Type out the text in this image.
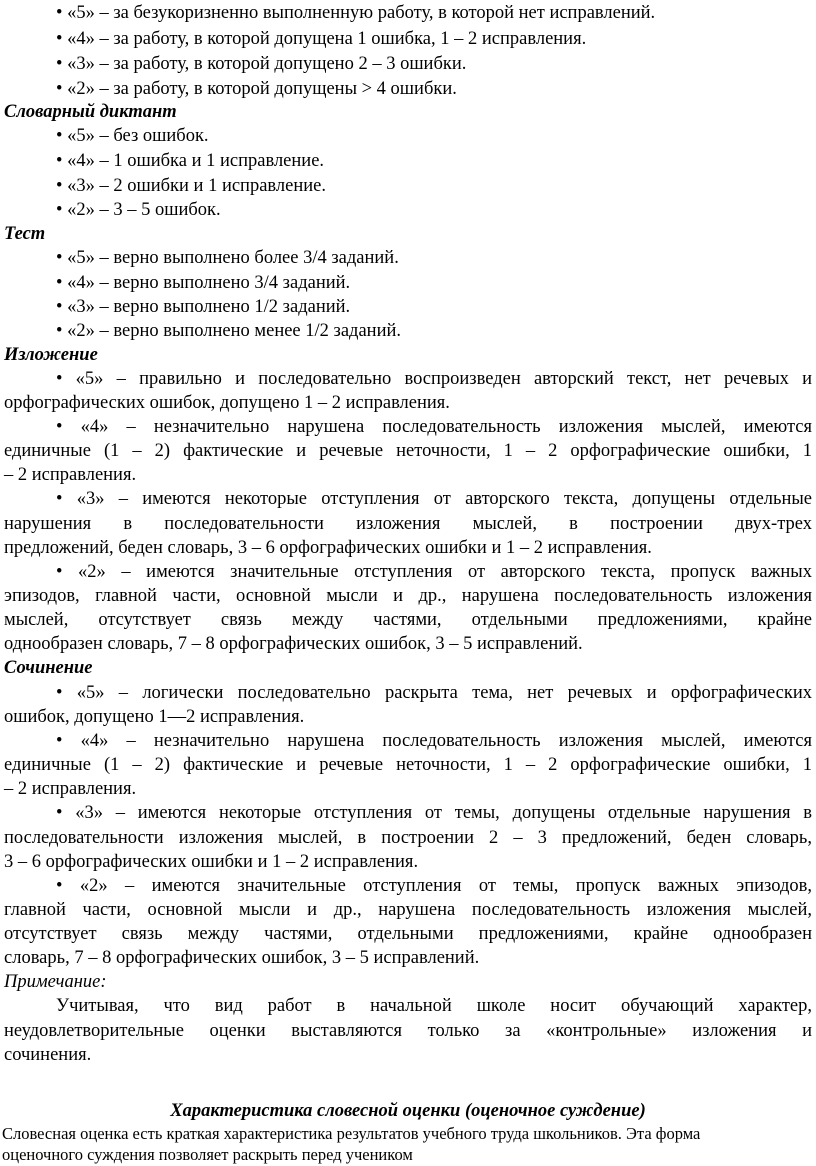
• «5» – за безукоризненно выполненную работу, в которой нет исправлений.
• «4» – за работу, в которой допущена 1 ошибка, 1 – 2 исправления.
• «3» – за работу, в которой допущено 2 – 3 ошибки.
• «2» – за работу, в которой допущены > 4 ошибки.
Словарный диктант
• «5» – без ошибок.
• «4» – 1 ошибка и 1 исправление.
• «3» – 2 ошибки и 1 исправление.
• «2» – 3 – 5 ошибок.
Тест
• «5» – верно выполнено более 3/4 заданий.
• «4» – верно выполнено 3/4 заданий.
• «3» – верно выполнено 1/2 заданий.
• «2» – верно выполнено менее 1/2 заданий.
Изложение
• «5» – правильно и последовательно воспроизведен авторский текст, нет речевых и
орфографических ошибок, допущено 1 – 2 исправления.
• «4» – незначительно нарушена последовательность изложения мыслей, имеются
единичные (1 – 2) фактические и речевые неточности, 1 – 2 орфографические ошибки, 1
– 2 исправления.
• «3» – имеются некоторые отступления от авторского текста, допущены отдельные
нарушения в последовательности изложения мыслей, в построении двух-трех
предложений, беден словарь, 3 – 6 орфографических ошибки и 1 – 2 исправления.
• «2» – имеются значительные отступления от авторского текста, пропуск важных
эпизодов, главной части, основной мысли и др., нарушена последовательность изложения
мыслей, отсутствует связь между частями, отдельными предложениями, крайне
однообразен словарь, 7 – 8 орфографических ошибок, 3 – 5 исправлений.
Сочинение
• «5» – логически последовательно раскрыта тема, нет речевых и орфографических
ошибок, допущено 1—2 исправления.
• «4» – незначительно нарушена последовательность изложения мыслей, имеются
единичные (1 – 2) фактические и речевые неточности, 1 – 2 орфографические ошибки, 1
– 2 исправления.
• «3» – имеются некоторые отступления от темы, допущены отдельные нарушения в
последовательности изложения мыслей, в построении 2 – 3 предложений, беден словарь,
3 – 6 орфографических ошибки и 1 – 2 исправления.
• «2» – имеются значительные отступления от темы, пропуск важных эпизодов,
главной части, основной мысли и др., нарушена последовательность изложения мыслей,
отсутствует связь между частями, отдельными предложениями, крайне однообразен
словарь, 7 – 8 орфографических ошибок, 3 – 5 исправлений.
Примечание:
Учитывая, что вид работ в начальной школе носит обучающий характер,
неудовлетворительные оценки выставляются только за «контрольные» изложения и
сочинения.
Характеристика словесной оценки (оценочное суждение)
Словесная оценка есть краткая характеристика результатов учебного труда школьников. Эта форма
оценочного суждения позволяет раскрыть перед учеником
